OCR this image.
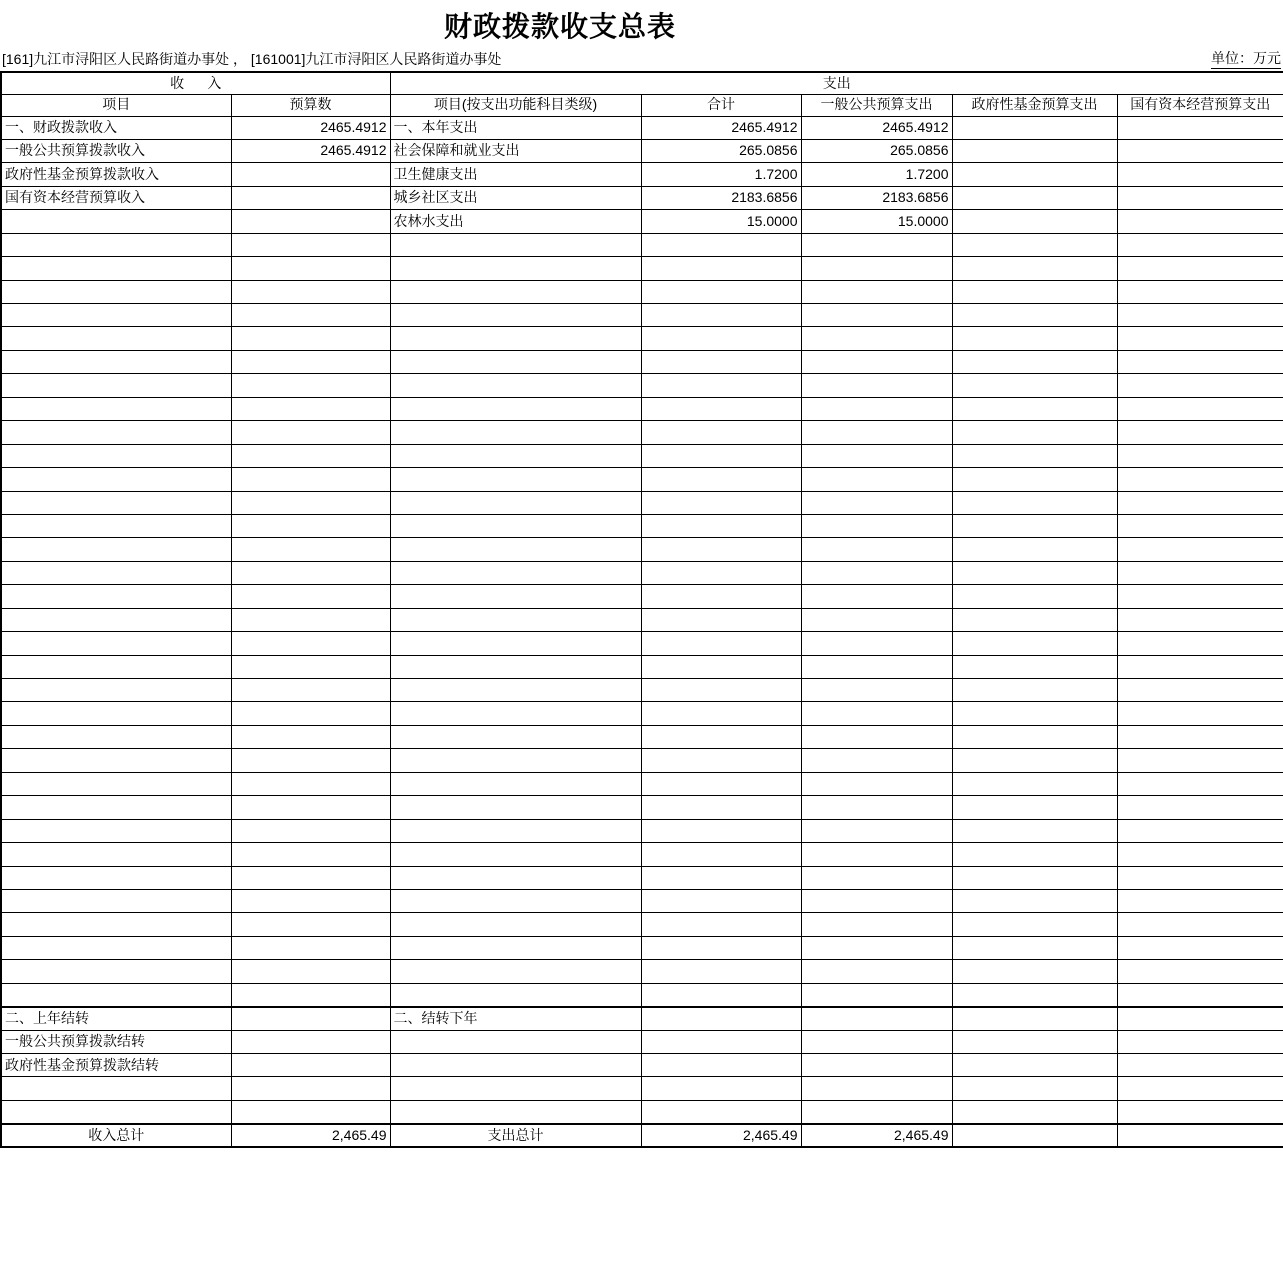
财政拨款收支总表
[161]九江市浔阳区人民路街道办事处 ， [161001]九江市浔阳区人民路街道办事处	单位：万元
收      入		支出				
项目	预算数	项目(按支出功能科目类级)	合计	一般公共预算支出	政府性基金预算支出	国有资本经营预算支出
一、财政拨款收入	2465.4912	一、本年支出	2465.4912	2465.4912		
一般公共预算拨款收入	2465.4912	社会保障和就业支出	265.0856	265.0856		
政府性基金预算拨款收入		卫生健康支出	1.7200	1.7200		
国有资本经营预算收入		城乡社区支出	2183.6856	2183.6856		
		农林水支出	15.0000	15.0000		

二、上年结转		二、结转下年				
一般公共预算拨款结转						
政府性基金预算拨款结转						

收入总计	2,465.49	支出总计	2,465.49	2,465.49		
